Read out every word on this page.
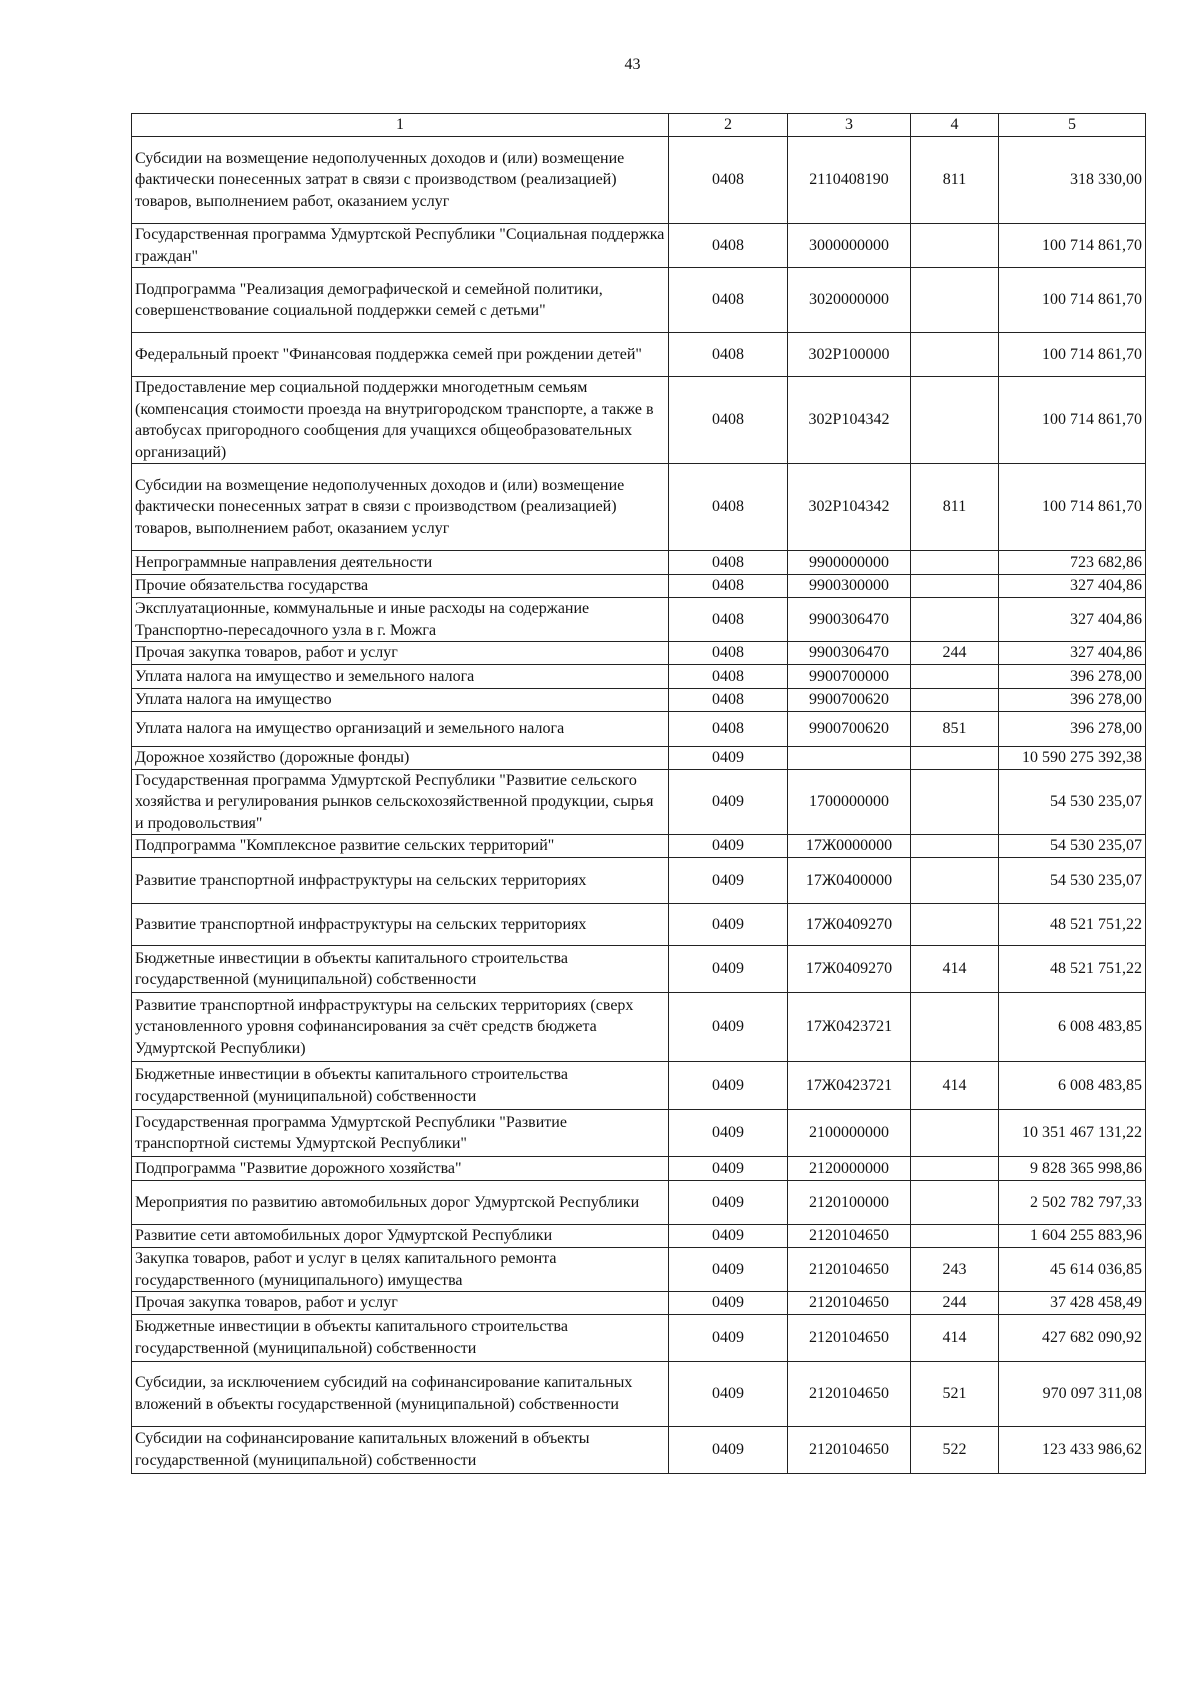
43
1	2	3	4	5
Субсидии на возмещение недополученных доходов и (или) возмещение фактически понесенных затрат в связи с производством (реализацией) товаров, выполнением работ, оказанием услуг	0408	2110408190	811	318 330,00
Государственная программа Удмуртской Республики "Социальная поддержка граждан"	0408	3000000000		100 714 861,70
Подпрограмма "Реализация демографической и семейной политики, совершенствование социальной поддержки семей с детьми"	0408	3020000000		100 714 861,70
Федеральный проект "Финансовая поддержка семей при рождении детей"	0408	302P100000		100 714 861,70
Предоставление мер социальной поддержки многодетным семьям (компенсация стоимости проезда на внутригородском транспорте, а также в автобусах пригородного сообщения для учащихся общеобразовательных организаций)	0408	302P104342		100 714 861,70
Субсидии на возмещение недополученных доходов и (или) возмещение фактически понесенных затрат в связи с производством (реализацией) товаров, выполнением работ, оказанием услуг	0408	302P104342	811	100 714 861,70
Непрограммные направления деятельности	0408	9900000000		723 682,86
Прочие обязательства государства	0408	9900300000		327 404,86
Эксплуатационные, коммунальные и иные расходы на содержание Транспортно-пересадочного узла в г. Можга	0408	9900306470		327 404,86
Прочая закупка товаров, работ и услуг	0408	9900306470	244	327 404,86
Уплата налога на имущество и земельного налога	0408	9900700000		396 278,00
Уплата налога на имущество	0408	9900700620		396 278,00
Уплата налога на имущество организаций и земельного налога	0408	9900700620	851	396 278,00
Дорожное хозяйство (дорожные фонды)	0409			10 590 275 392,38
Государственная программа Удмуртской Республики "Развитие сельского хозяйства и регулирования рынков сельскохозяйственной продукции, сырья и продовольствия"	0409	1700000000		54 530 235,07
Подпрограмма "Комплексное развитие сельских территорий"	0409	17Ж0000000		54 530 235,07
Развитие транспортной инфраструктуры на сельских территориях	0409	17Ж0400000		54 530 235,07
Развитие транспортной инфраструктуры на сельских территориях	0409	17Ж0409270		48 521 751,22
Бюджетные инвестиции в объекты капитального строительства государственной (муниципальной) собственности	0409	17Ж0409270	414	48 521 751,22
Развитие транспортной инфраструктуры на сельских территориях (сверх установленного уровня софинансирования за счёт средств бюджета Удмуртской Республики)	0409	17Ж0423721		6 008 483,85
Бюджетные инвестиции в объекты капитального строительства государственной (муниципальной) собственности	0409	17Ж0423721	414	6 008 483,85
Государственная программа Удмуртской Республики "Развитие транспортной системы Удмуртской Республики"	0409	2100000000		10 351 467 131,22
Подпрограмма "Развитие дорожного хозяйства"	0409	2120000000		9 828 365 998,86
Мероприятия по развитию автомобильных дорог Удмуртской Республики	0409	2120100000		2 502 782 797,33
Развитие сети автомобильных дорог Удмуртской Республики	0409	2120104650		1 604 255 883,96
Закупка товаров, работ и услуг в целях капитального ремонта государственного (муниципального) имущества	0409	2120104650	243	45 614 036,85
Прочая закупка товаров, работ и услуг	0409	2120104650	244	37 428 458,49
Бюджетные инвестиции в объекты капитального строительства государственной (муниципальной) собственности	0409	2120104650	414	427 682 090,92
Субсидии, за исключением субсидий на софинансирование капитальных вложений в объекты государственной (муниципальной) собственности	0409	2120104650	521	970 097 311,08
Субсидии на софинансирование капитальных вложений в объекты государственной (муниципальной) собственности	0409	2120104650	522	123 433 986,62
